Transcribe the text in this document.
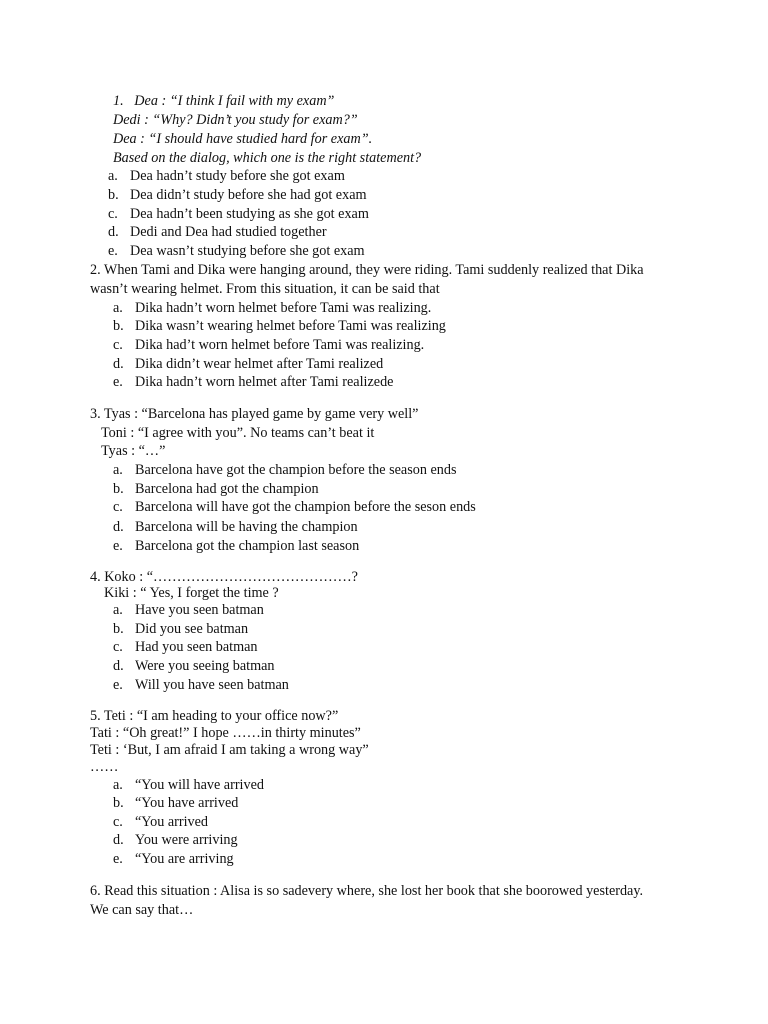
1. Dea : “I think I fail with my exam”
Dedi : “Why? Didn’t you study for exam?”
Dea : “I should have studied hard for exam”.
Based on the dialog, which one is the right statement?
a. Dea hadn’t study before she got exam
b. Dea didn’t study before she had got exam
c. Dea hadn’t been studying as she got exam
d. Dedi and Dea had studied together
e. Dea wasn’t studying before she got exam
2. When Tami and Dika were hanging around, they were riding. Tami suddenly realized that Dika
wasn’t wearing helmet. From this situation, it can be said that
a. Dika hadn’t worn helmet before Tami was realizing.
b. Dika wasn’t wearing helmet before Tami was realizing
c. Dika had’t worn helmet before Tami was realizing.
d. Dika didn’t wear helmet after Tami realized
e. Dika hadn’t worn helmet after Tami realizede
3. Tyas : “Barcelona has played game by game very well”
Toni : “I agree with you”. No teams can’t beat it
Tyas : “…”
a. Barcelona have got the champion before the season ends
b. Barcelona had got the champion
c. Barcelona will have got the champion before the seson ends
d. Barcelona will be having the champion
e. Barcelona got the champion last season
4. Koko : “……………………………………?
Kiki : “ Yes, I forget the time ?
a. Have you seen batman
b. Did you see batman
c. Had you seen batman
d. Were you seeing batman
e. Will you have seen batman
5. Teti : “I am heading to your office now?”
Tati : “Oh great!” I hope ……in thirty minutes”
Teti : ‘But, I am afraid I am taking a wrong way”
……
a. “You will have arrived
b. “You have arrived
c. “You arrived
d. You were arriving
e. “You are arriving
6. Read this situation : Alisa is so sadevery where, she lost her book that she boorowed yesterday.
We can say that…
